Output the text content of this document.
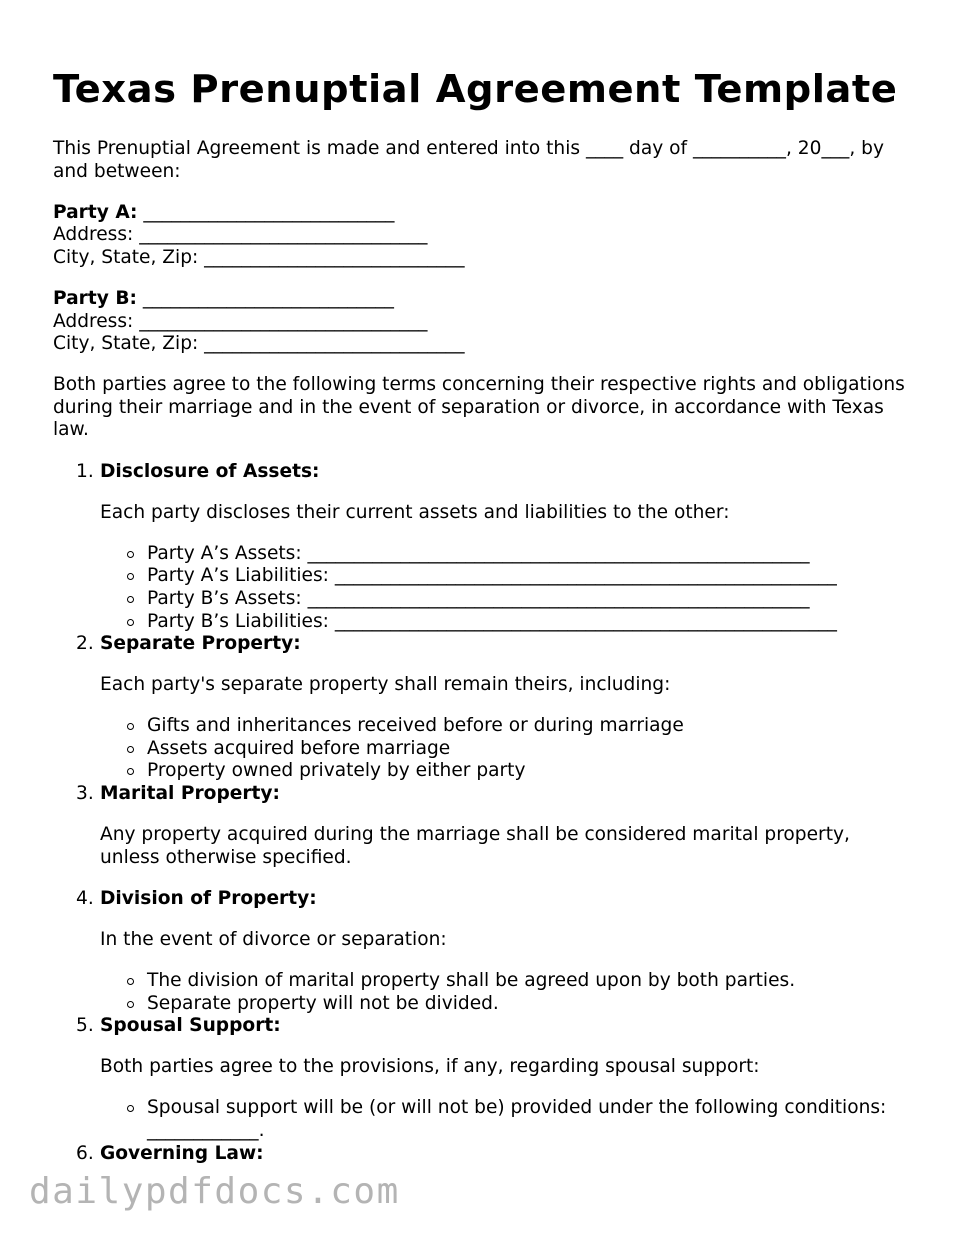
Texas Prenuptial Agreement Template

This Prenuptial Agreement is made and entered into this ____ day of __________, 20___, by and between:

Party A: ___________________________
Address: _______________________________
City, State, Zip: ____________________________
Party B: ___________________________
Address: _______________________________
City, State, Zip: ____________________________

Both parties agree to the following terms concerning their respective rights and obligations during their marriage and in the event of separation or divorce, in accordance with Texas law.

Disclosure of Assets:

Each party discloses their current assets and liabilities to the other:

Party A’s Assets: ______________________________________________________
Party A’s Liabilities: ______________________________________________________
Party B’s Assets: ______________________________________________________
Party B’s Liabilities: ______________________________________________________
Separate Property:

Each party's separate property shall remain theirs, including:

Gifts and inheritances received before or during marriage
Assets acquired before marriage
Property owned privately by either party
Marital Property:

Any property acquired during the marriage shall be considered marital property, unless otherwise specified.

Division of Property:

In the event of divorce or separation:

The division of marital property shall be agreed upon by both parties.
Separate property will not be divided.
Spousal Support:

Both parties agree to the provisions, if any, regarding spousal support:

Spousal support will be (or will not be) provided under the following conditions: ____________.
Governing Law:
dailypdfdocs.com
